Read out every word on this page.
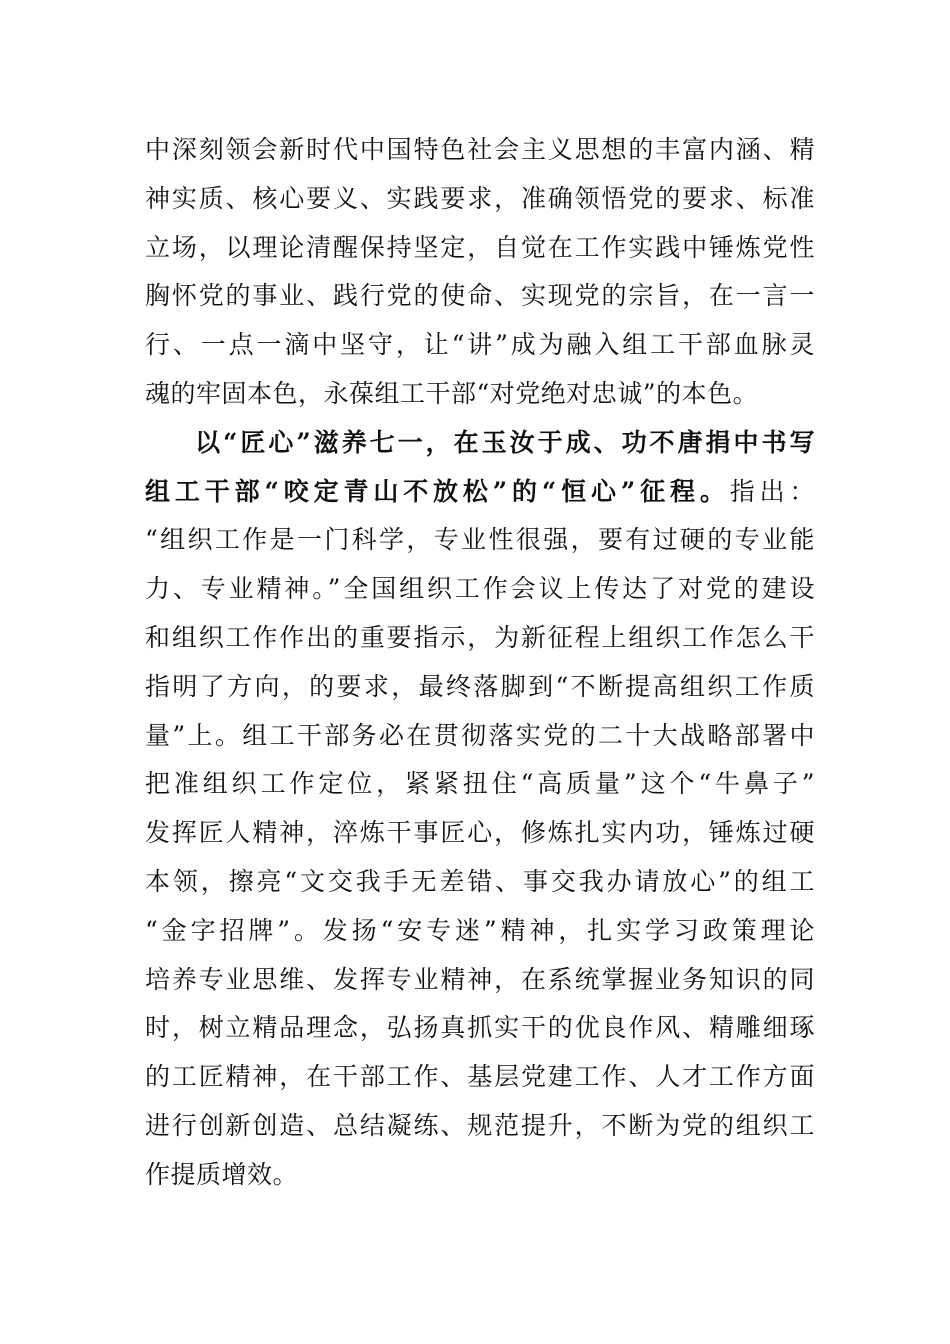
中深刻领会新时代中国特色社会主义思想的丰富内涵、精
神实质、核心要义、实践要求，准确领悟党的要求、标准
立场，以理论清醒保持坚定，自觉在工作实践中锤炼党性
胸怀党的事业、践行党的使命、实现党的宗旨，在一言一
行、一点一滴中坚守，让“讲”成为融入组工干部血脉灵
魂的牢固本色，永葆组工干部“对党绝对忠诚”的本色。
以“匠心”滋养七一，在玉汝于成、功不唐捐中书写
组工干部“咬定青山不放松”的“恒心”征程。指出：
“组织工作是一门科学，专业性很强，要有过硬的专业能
力、专业精神。”全国组织工作会议上传达了对党的建设
和组织工作作出的重要指示，为新征程上组织工作怎么干
指明了方向，的要求，最终落脚到“不断提高组织工作质
量”上。组工干部务必在贯彻落实党的二十大战略部署中
把准组织工作定位，紧紧扭住“高质量”这个“牛鼻子”
发挥匠人精神，淬炼干事匠心，修炼扎实内功，锤炼过硬
本领，擦亮“文交我手无差错、事交我办请放心”的组工
“金字招牌”。发扬“安专迷”精神，扎实学习政策理论
培养专业思维、发挥专业精神，在系统掌握业务知识的同
时，树立精品理念，弘扬真抓实干的优良作风、精雕细琢
的工匠精神，在干部工作、基层党建工作、人才工作方面
进行创新创造、总结凝练、规范提升，不断为党的组织工
作提质增效。
